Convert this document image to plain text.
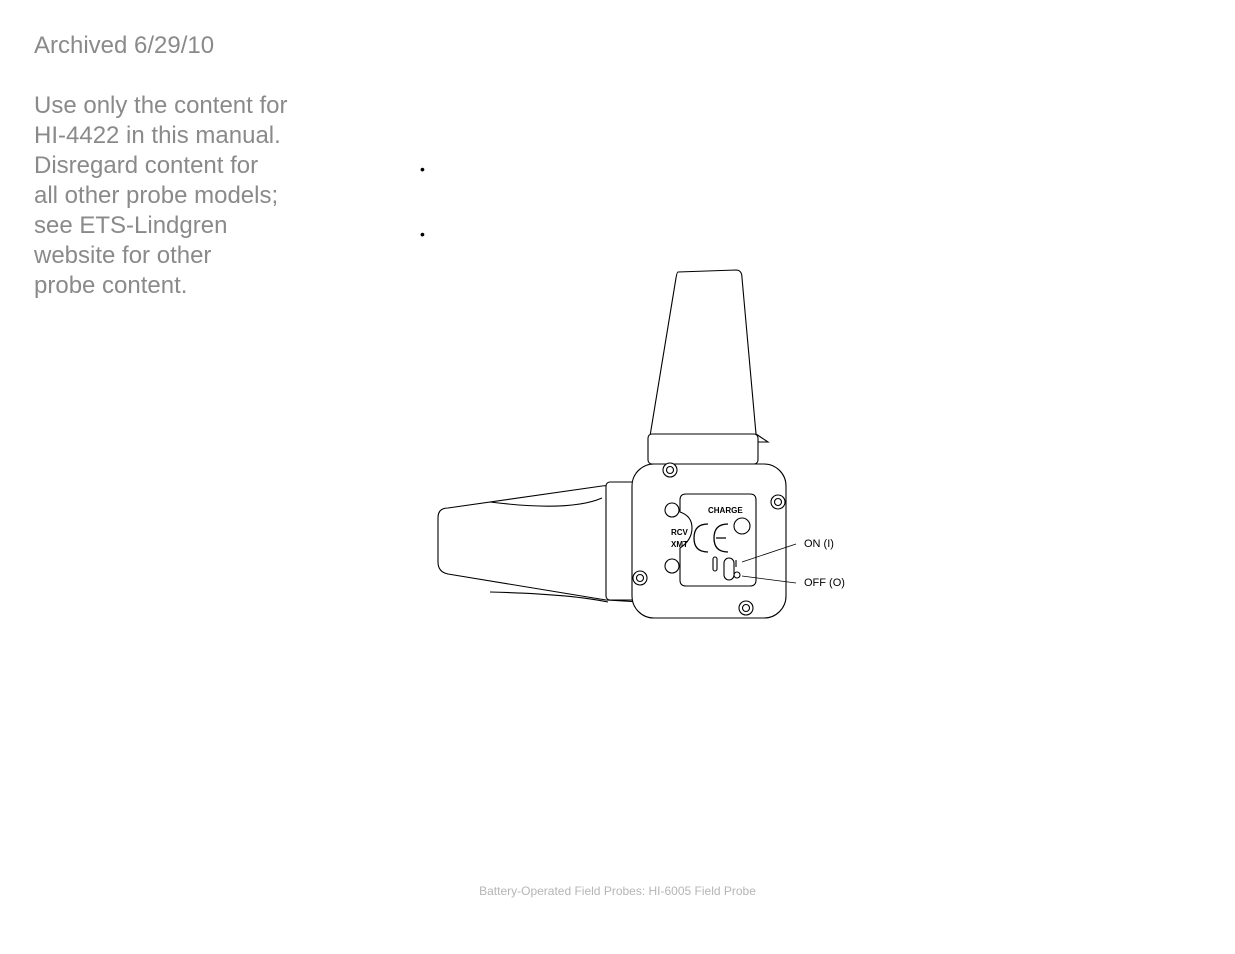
Archived 6/29/10
Use only the content for
HI-4422 in this manual.
Disregard content for
all other probe models;
see ETS-Lindgren
website for other
probe content.
•
•
CHARGE
RCV
XMT	ON (I)
OFF (O)
Battery-Operated Field Probes: HI-6005 Field Probe
